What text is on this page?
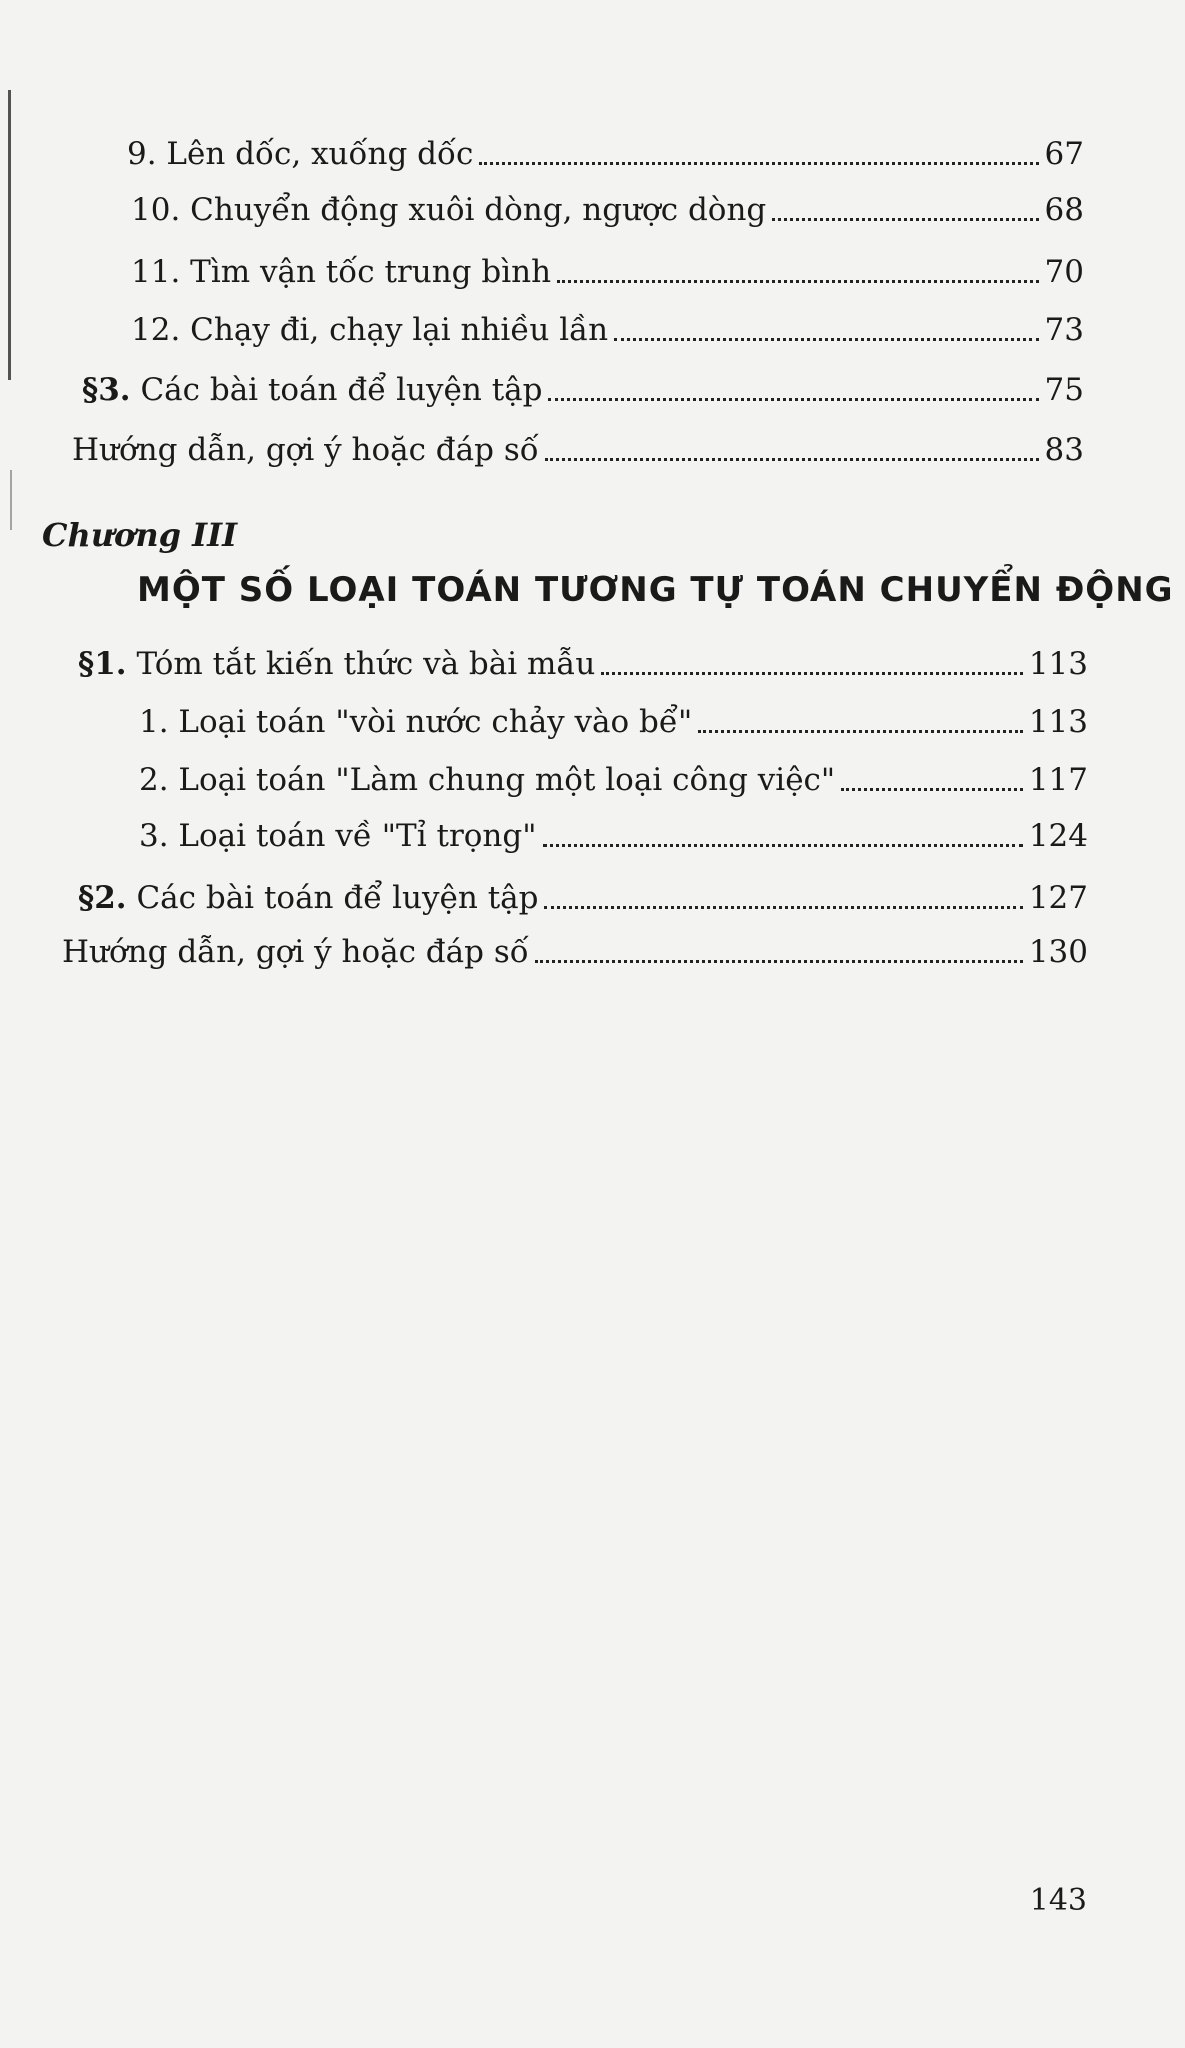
9. Lên dốc, xuống dốc	67
10. Chuyển động xuôi dòng, ngược dòng	68
11. Tìm vận tốc trung bình	70
12. Chạy đi, chạy lại nhiều lần	73
§3. Các bài toán để luyện tập	75
Hướng dẫn, gợi ý hoặc đáp số	83
Chương III
MỘT SỐ LOẠI TOÁN TƯƠNG TỰ TOÁN CHUYỂN ĐỘNG
§1. Tóm tắt kiến thức và bài mẫu	113
1. Loại toán "vòi nước chảy vào bể"	113
2. Loại toán "Làm chung một loại công việc"	117
3. Loại toán về "Tỉ trọng"	124
§2. Các bài toán để luyện tập	127
Hướng dẫn, gợi ý hoặc đáp số	130
143
